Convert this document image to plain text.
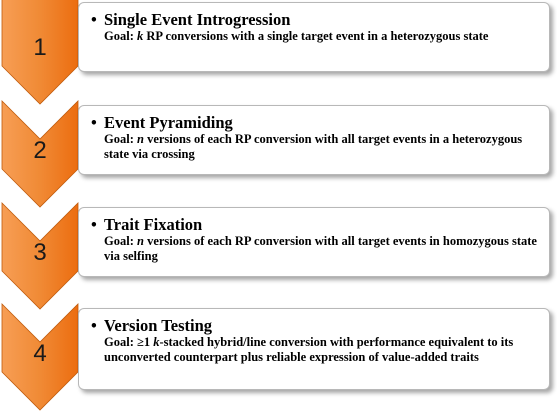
1
• Single Event Introgression
Goal: k RP conversions with a single target event in a heterozygous state
2
• Event Pyramiding
Goal: n versions of each RP conversion with all target events in a heterozygous state via crossing
3
• Trait Fixation
Goal: n versions of each RP conversion with all target events in homozygous state via selfing
4
• Version Testing
Goal: ≥1 k-stacked hybrid/line conversion with performance equivalent to its unconverted counterpart plus reliable expression of value-added traits
